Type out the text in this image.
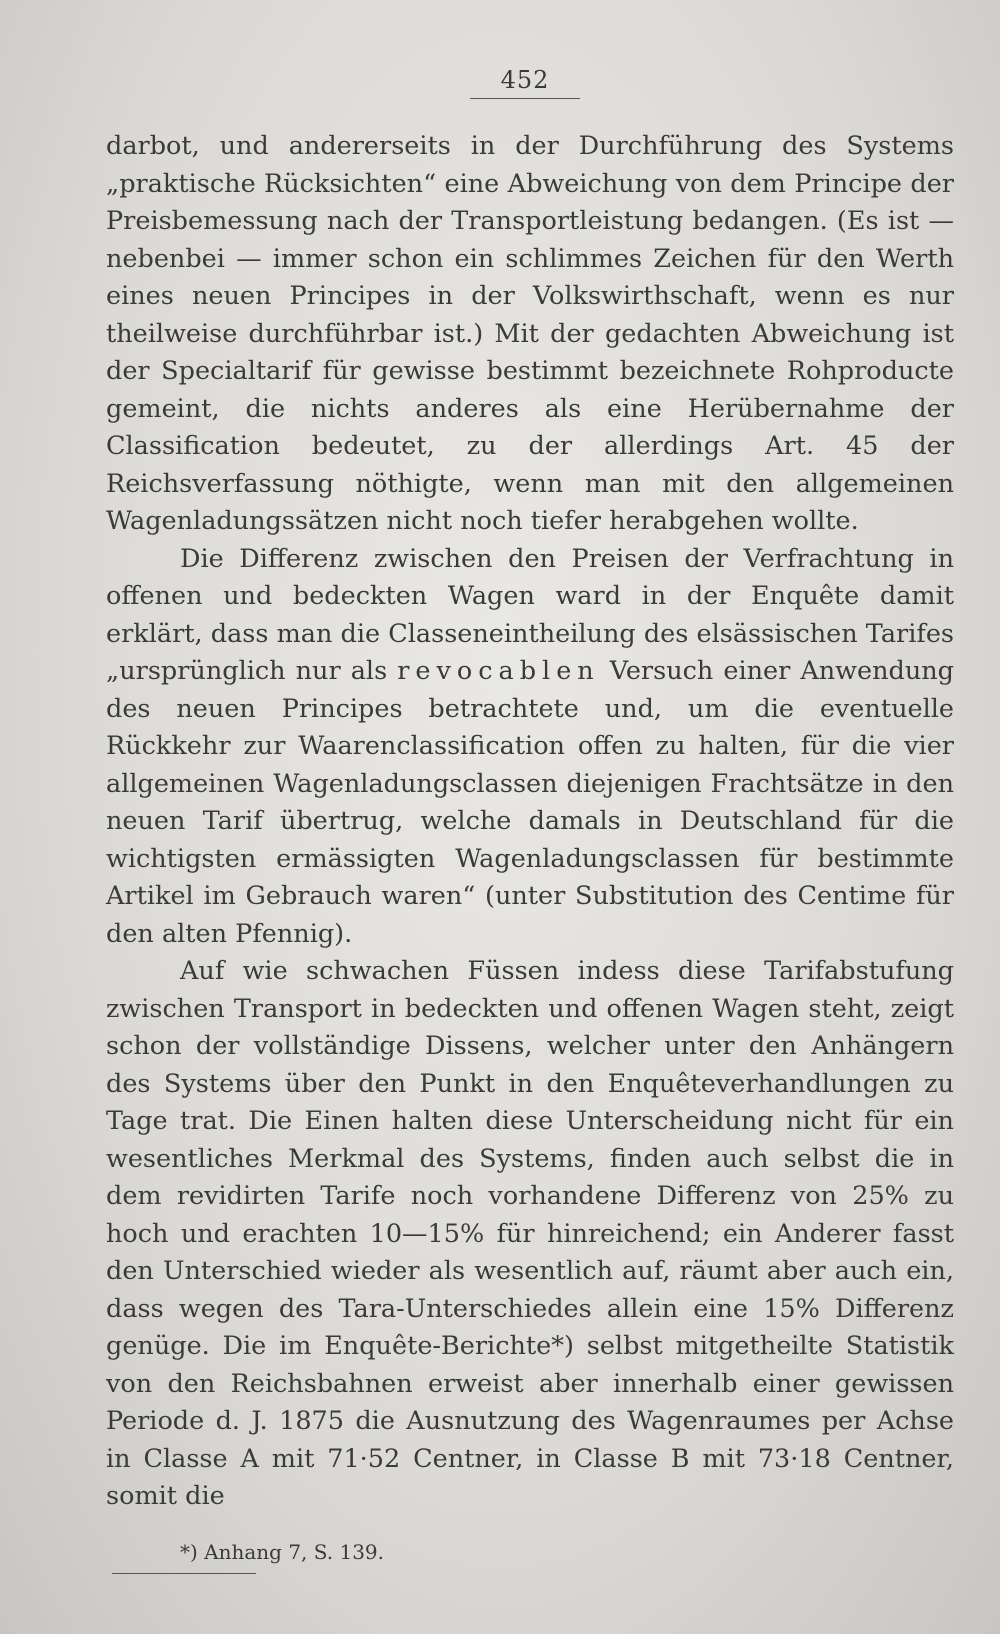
452

darbot, und andererseits in der Durchführung des Systems „praktische Rücksichten“ eine Abweichung von dem Principe der Preisbemessung nach der Transportleistung bedangen. (Es ist — nebenbei — immer schon ein schlimmes Zeichen für den Werth eines neuen Principes in der Volkswirthschaft, wenn es nur theilweise durchführbar ist.) Mit der gedachten Abweichung ist der Specialtarif für gewisse bestimmt bezeichnete Rohproducte gemeint, die nichts anderes als eine Herübernahme der Classification bedeutet, zu der allerdings Art. 45 der Reichsverfassung nöthigte, wenn man mit den allgemeinen Wagenladungssätzen nicht noch tiefer herabgehen wollte.

Die Differenz zwischen den Preisen der Verfrachtung in offenen und bedeckten Wagen ward in der Enquête damit erklärt, dass man die Classeneintheilung des elsässischen Tarifes „ursprünglich nur als revocablen Versuch einer Anwendung des neuen Principes betrachtete und, um die eventuelle Rückkehr zur Waarenclassification offen zu halten, für die vier allgemeinen Wagenladungsclassen diejenigen Frachtsätze in den neuen Tarif übertrug, welche damals in Deutschland für die wichtigsten ermässigten Wagenladungsclassen für bestimmte Artikel im Gebrauch waren“ (unter Substitution des Centime für den alten Pfennig).

Auf wie schwachen Füssen indess diese Tarifabstufung zwischen Transport in bedeckten und offenen Wagen steht, zeigt schon der vollständige Dissens, welcher unter den Anhängern des Systems über den Punkt in den Enquêteverhandlungen zu Tage trat. Die Einen halten diese Unterscheidung nicht für ein wesentliches Merkmal des Systems, finden auch selbst die in dem revidirten Tarife noch vorhandene Differenz von 25% zu hoch und erachten 10—15% für hinreichend; ein Anderer fasst den Unterschied wieder als wesentlich auf, räumt aber auch ein, dass wegen des Tara-Unterschiedes allein eine 15% Differenz genüge. Die im Enquête-Berichte*) selbst mitgetheilte Statistik von den Reichsbahnen erweist aber innerhalb einer gewissen Periode d. J. 1875 die Ausnutzung des Wagenraumes per Achse in Classe A mit 71·52 Centner, in Classe B mit 73·18 Centner, somit die

*) Anhang 7, S. 139.
